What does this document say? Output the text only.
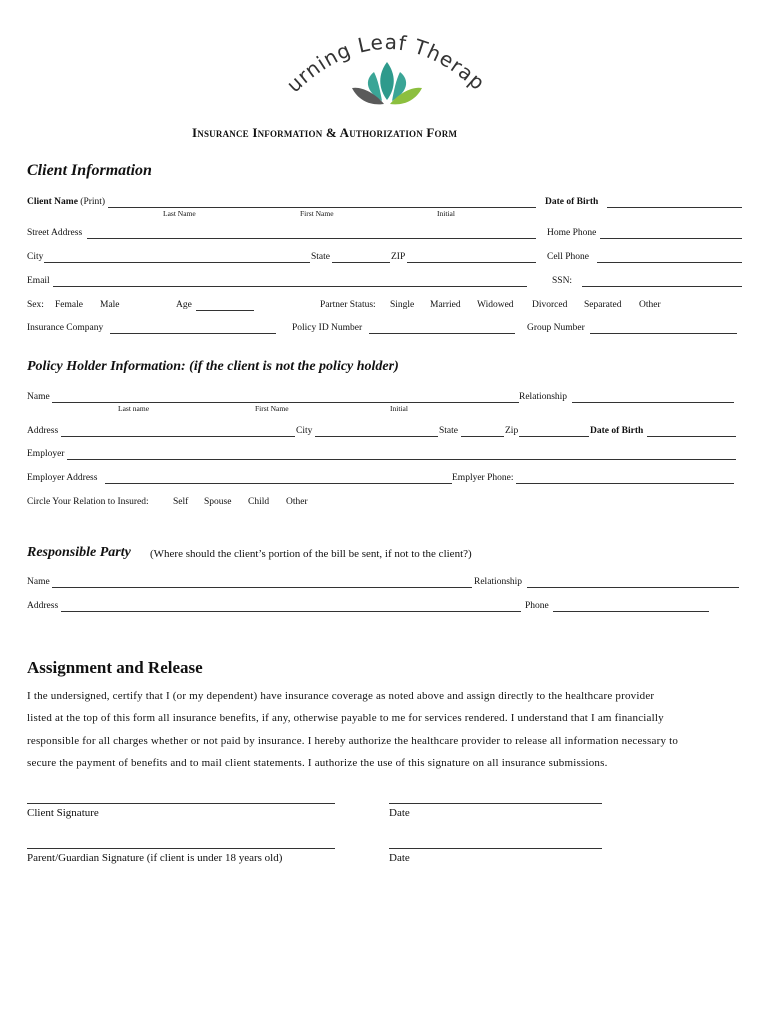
urning Leaf Therap
Insurance Information & Authorization Form
Client Information
Client Name (Print)	Date of Birth
Last Name	First Name	Initial
Street Address	Home Phone
City	State	ZIP	Cell Phone
Email	SSN:
Sex: Female Male	Age	Partner Status: Single Married Widowed Divorced Separated Other
Insurance Company	Policy ID Number	Group Number
Policy Holder Information: (if the client is not the policy holder)
Name	Relationship
Last name	First Name	Initial
Address	City	State	Zip	Date of Birth
Employer
Employer Address	Emplyer Phone:
Circle Your Relation to Insured:	Self Spouse Child Other
Responsible Party (Where should the client’s portion of the bill be sent, if not to the client?)
Name	Relationship
Address	Phone
Assignment and Release
I the undersigned, certify that I (or my dependent) have insurance coverage as noted above and assign directly to the healthcare provider
listed at the top of this form all insurance benefits, if any, otherwise payable to me for services rendered. I understand that I am financially
responsible for all charges whether or not paid by insurance. I hereby authorize the healthcare provider to release all information necessary to
secure the payment of benefits and to mail client statements. I authorize the use of this signature on all insurance submissions.
Client Signature	Date
Parent/Guardian Signature (if client is under 18 years old)	Date
